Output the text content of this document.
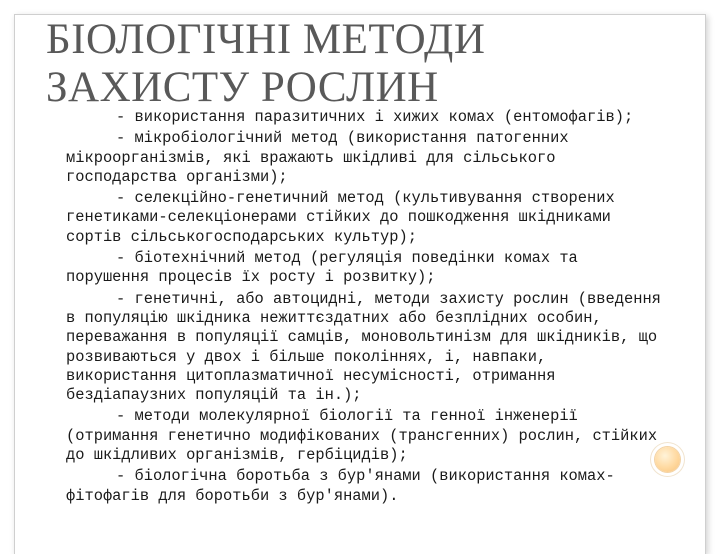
БІОЛОГІЧНІ МЕТОДИ
ЗАХИСТУ РОСЛИН

- використання паразитичних і хижих комах (ентомофагів);

- мікробіологічний метод (використання патогенних мікроорганізмів, які вражають шкідливі для сільського господарства організми);

- селекційно-генетичний метод (культивування створених генетиками-селекціонерами стійких до пошкодження шкідниками сортів сільськогосподарських культур);

- біотехнічний метод (регуляція поведінки комах та порушення процесів їх росту і розвитку);

- генетичні, або автоцидні, методи захисту рослин (введення в популяцію шкідника нежиттєздатних або безплідних особин, переважання в популяції самців, моновольтинізм для шкідників, що розвиваються у двох і більше поколіннях, і, навпаки, використання цитоплазматичної несумісності, отримання бездіапаузних популяцій та ін.);

- методи молекулярної біології та генної інженерії (отримання генетично модифікованих (трансгенних) рослин, стійких до шкідливих організмів, гербіцидів);

- біологічна боротьба з бур'янами (використання комах-фітофагів для боротьби з бур'янами).
